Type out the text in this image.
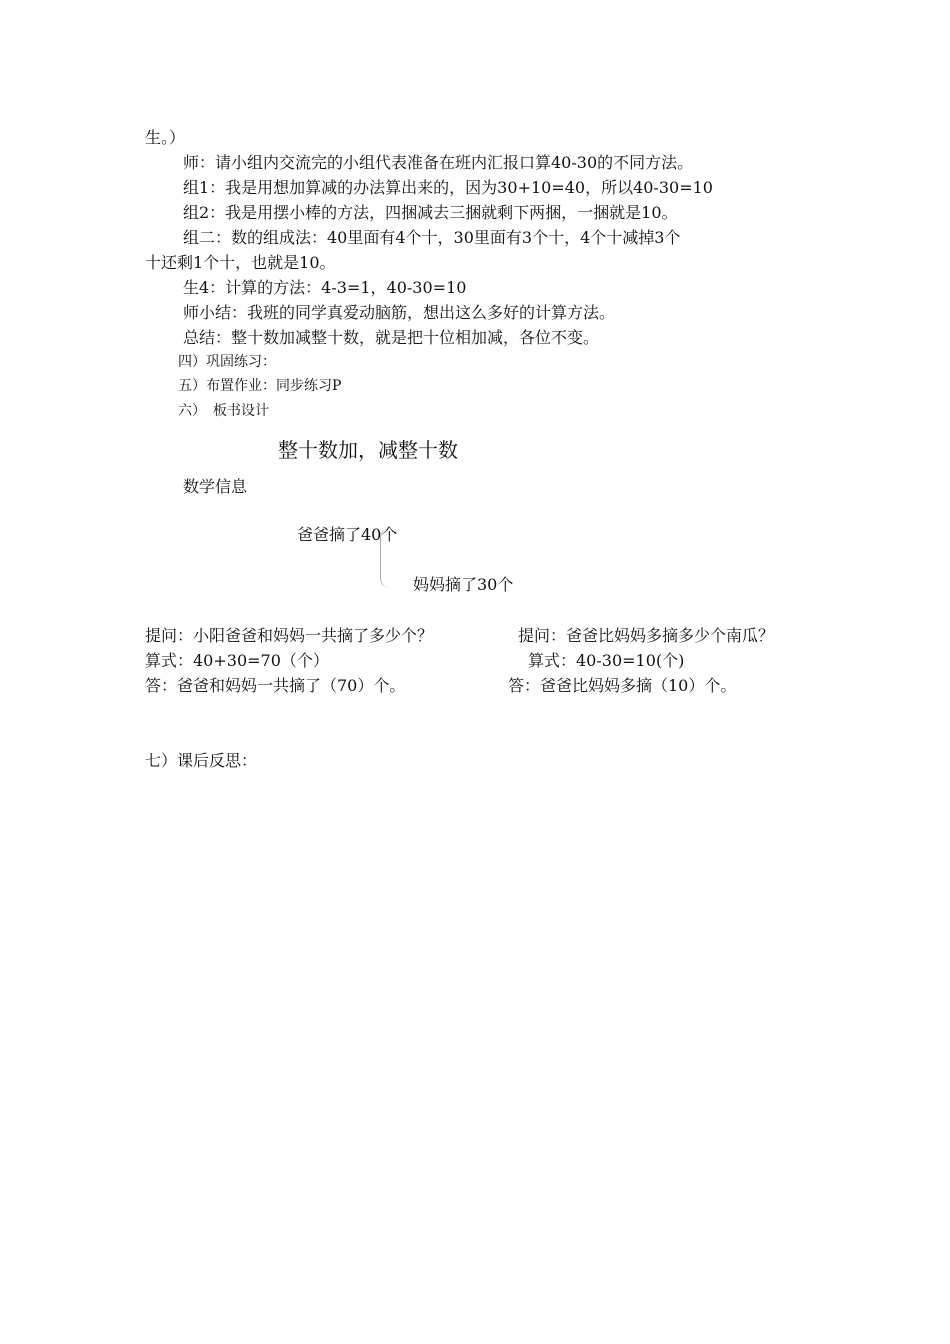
生。）
师：请小组内交流完的小组代表准备在班内汇报口算40-30的不同方法。
组1：我是用想加算减的办法算出来的，因为30+10=40，所以40-30=10
组2：我是用摆小棒的方法，四捆减去三捆就剩下两捆，一捆就是10。
组二：数的组成法：40里面有4个十，30里面有3个十，4个十减掉3个
十还剩1个十，也就是10。
生4：计算的方法：4-3=1，40-30=10
师小结：我班的同学真爱动脑筋，想出这么多好的计算方法。
总结：整十数加减整十数，就是把十位相加减，各位不变。
四）巩固练习：
五）布置作业：同步练习P
六）　板书设计
整十数加，减整十数
数学信息
爸爸摘了40个
妈妈摘了30个
提问：小阳爸爸和妈妈一共摘了多少个？	提问：爸爸比妈妈多摘多少个南瓜？
算式：40+30=70（个）	算式：40-30=10(个)
答：爸爸和妈妈一共摘了（70）个。	答：爸爸比妈妈多摘（10）个。
七）课后反思：
